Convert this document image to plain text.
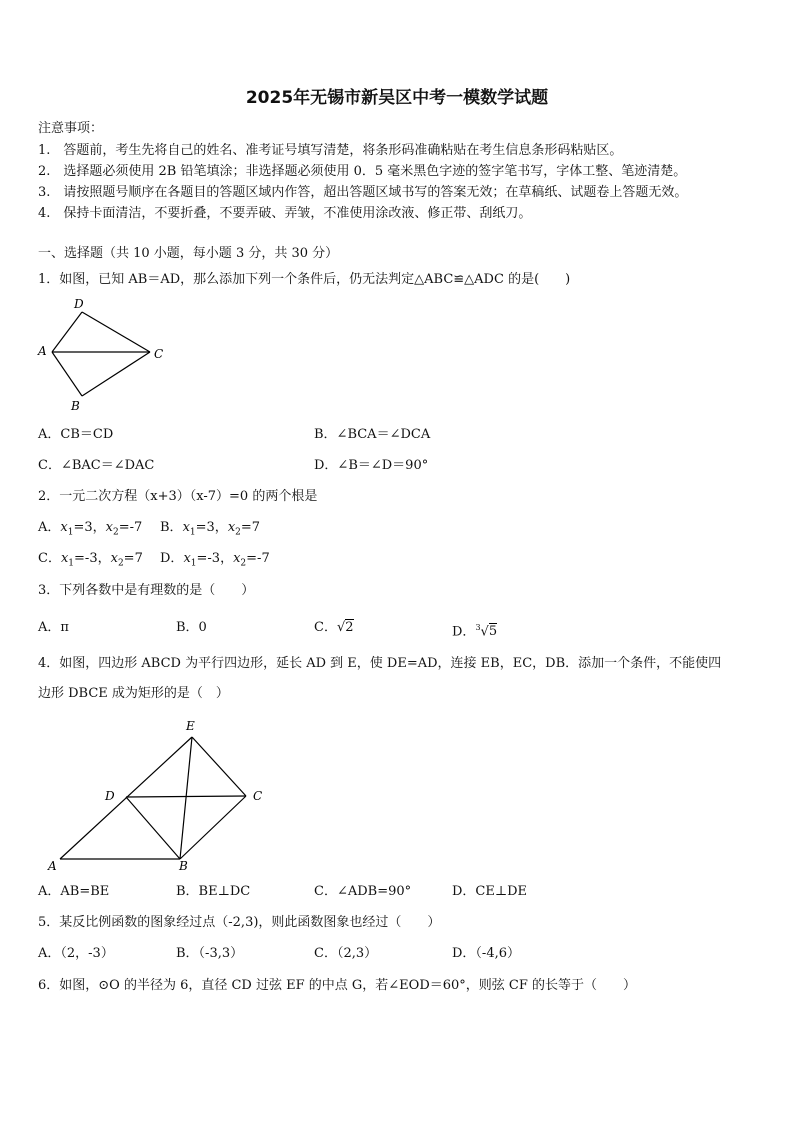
2025年无锡市新吴区中考一模数学试题
注意事项：
1.　答题前，考生先将自己的姓名、准考证号填写清楚，将条形码准确粘贴在考生信息条形码粘贴区。
2.　选择题必须使用 2B 铅笔填涂；非选择题必须使用 0．5 毫米黑色字迹的签字笔书写，字体工整、笔迹清楚。
3.　请按照题号顺序在各题目的答题区域内作答，超出答题区域书写的答案无效；在草稿纸、试题卷上答题无效。
4.　保持卡面清洁，不要折叠，不要弄破、弄皱，不准使用涂改液、修正带、刮纸刀。
一、选择题（共 10 小题，每小题 3 分，共 30 分）
1．如图，已知 AB＝AD，那么添加下列一个条件后，仍无法判定△ABC≌△ADC 的是(　　)
D
A	C
B
A．CB＝CD	B．∠BCA＝∠DCA
C．∠BAC＝∠DAC	D．∠B＝∠D＝90°
2．一元二次方程（x+3）（x-7）=0 的两个根是
A．$x_1=3$，$x_2=-7$ B．$x_1=3$，$x_2=7$
C．$x_1=-3$，$x_2=7$ D．$x_1=-3$，$x_2=-7$
3．下列各数中是有理数的是（　　）
A．π	B．0	C．√2	D．$^3$√5
4．如图，四边形 ABCD 为平行四边形，延长 AD 到 E，使 DE=AD，连接 EB，EC，DB．添加一个条件，不能使四
边形 DBCE 成为矩形的是（　）
E
D	C
A	B
A．AB=BE	B．BE⊥DC	C．∠ADB=90°	D．CE⊥DE
5．某反比例函数的图象经过点（-2,3)，则此函数图象也经过（　　）
A．（2，-3）	B．（-3,3）	C．（2,3）	D．（-4,6）
6．如图，⊙O 的半径为 6，直径 CD 过弦 EF 的中点 G，若∠EOD＝60°，则弦 CF 的长等于（　　）
